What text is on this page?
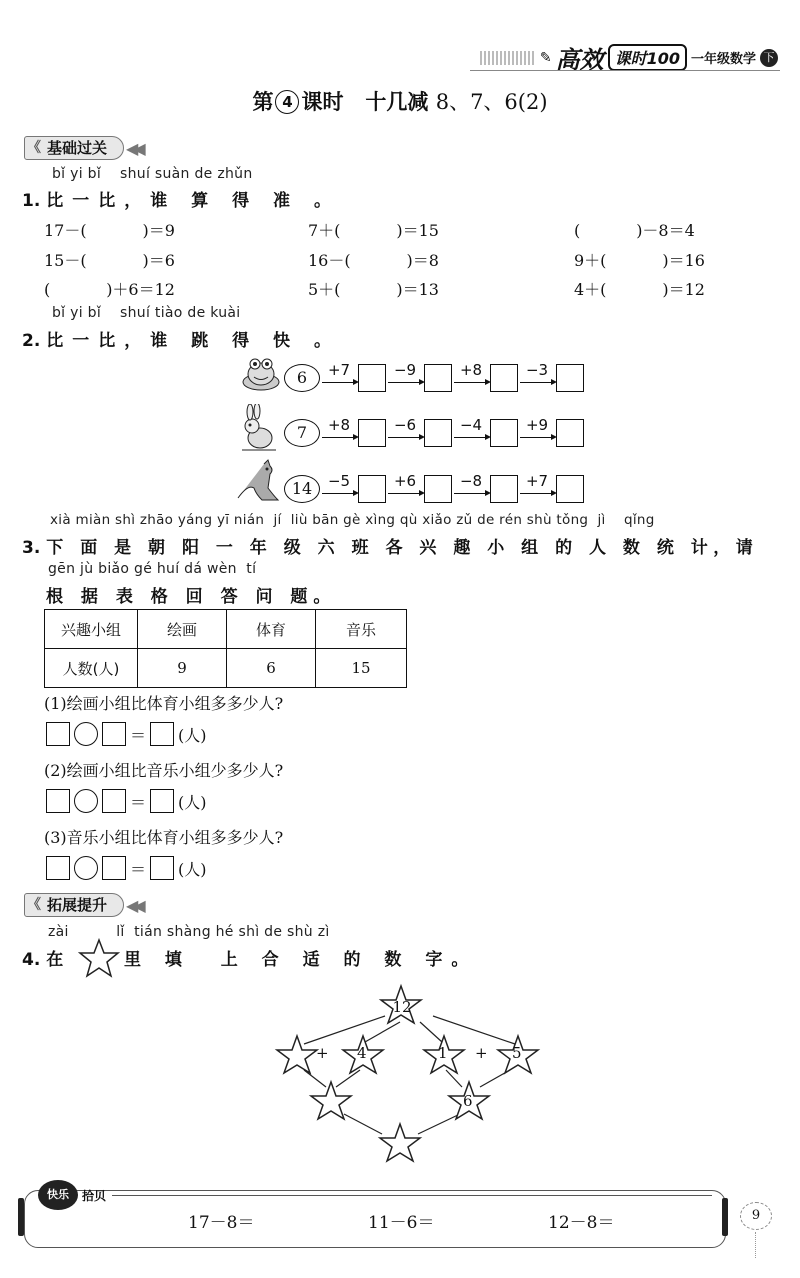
✎ 高效 课时100 一年级数学 下
第 4 课时 十几减 8、7、6(2)
《 基础过关	◀◀
bǐ yi bǐ    shuí suàn de zhǔn
1. 比一比，谁 算 得 准 。
17－(           )＝9	7＋(           )＝15	(           )－8＝4
15－(           )＝6	16－(           )＝8	9＋(           )＝16
(           )＋6＝12	5＋(           )＝13	4＋(           )＝12
bǐ yi bǐ    shuí tiào de kuài
2. 比一比，谁 跳 得 快 。
6	+7	−9	+8	−3
7	+8	−6	−4	+9
14	−5	+6	−8	+7
xià miàn shì zhāo yáng yī nián  jí  liù bān gè xìng qù xiǎo zǔ de rén shù tǒng  jì    qǐng
3. 下 面 是 朝 阳 一 年 级 六 班 各 兴 趣 小 组 的 人 数 统 计，请
gēn jù biǎo gé huí dá wèn  tí
根 据 表 格 回 答 问 题。
兴趣小组	绘画	体育	音乐
人数(人)	9	6	15
(1)绘画小组比体育小组多多少人?
＝ (人)
(2)绘画小组比音乐小组少多少人?
＝ (人)
(3)音乐小组比体育小组多多少人?
＝ (人)
《 拓展提升	◀◀
zài          lǐ  tián shàng hé shì de shù zì
4. 在	里 填  上 合 适 的 数 字。
12
+ 4	1 + 5
6
快乐	拾贝
17－8＝	11－6＝	12－8＝	9
